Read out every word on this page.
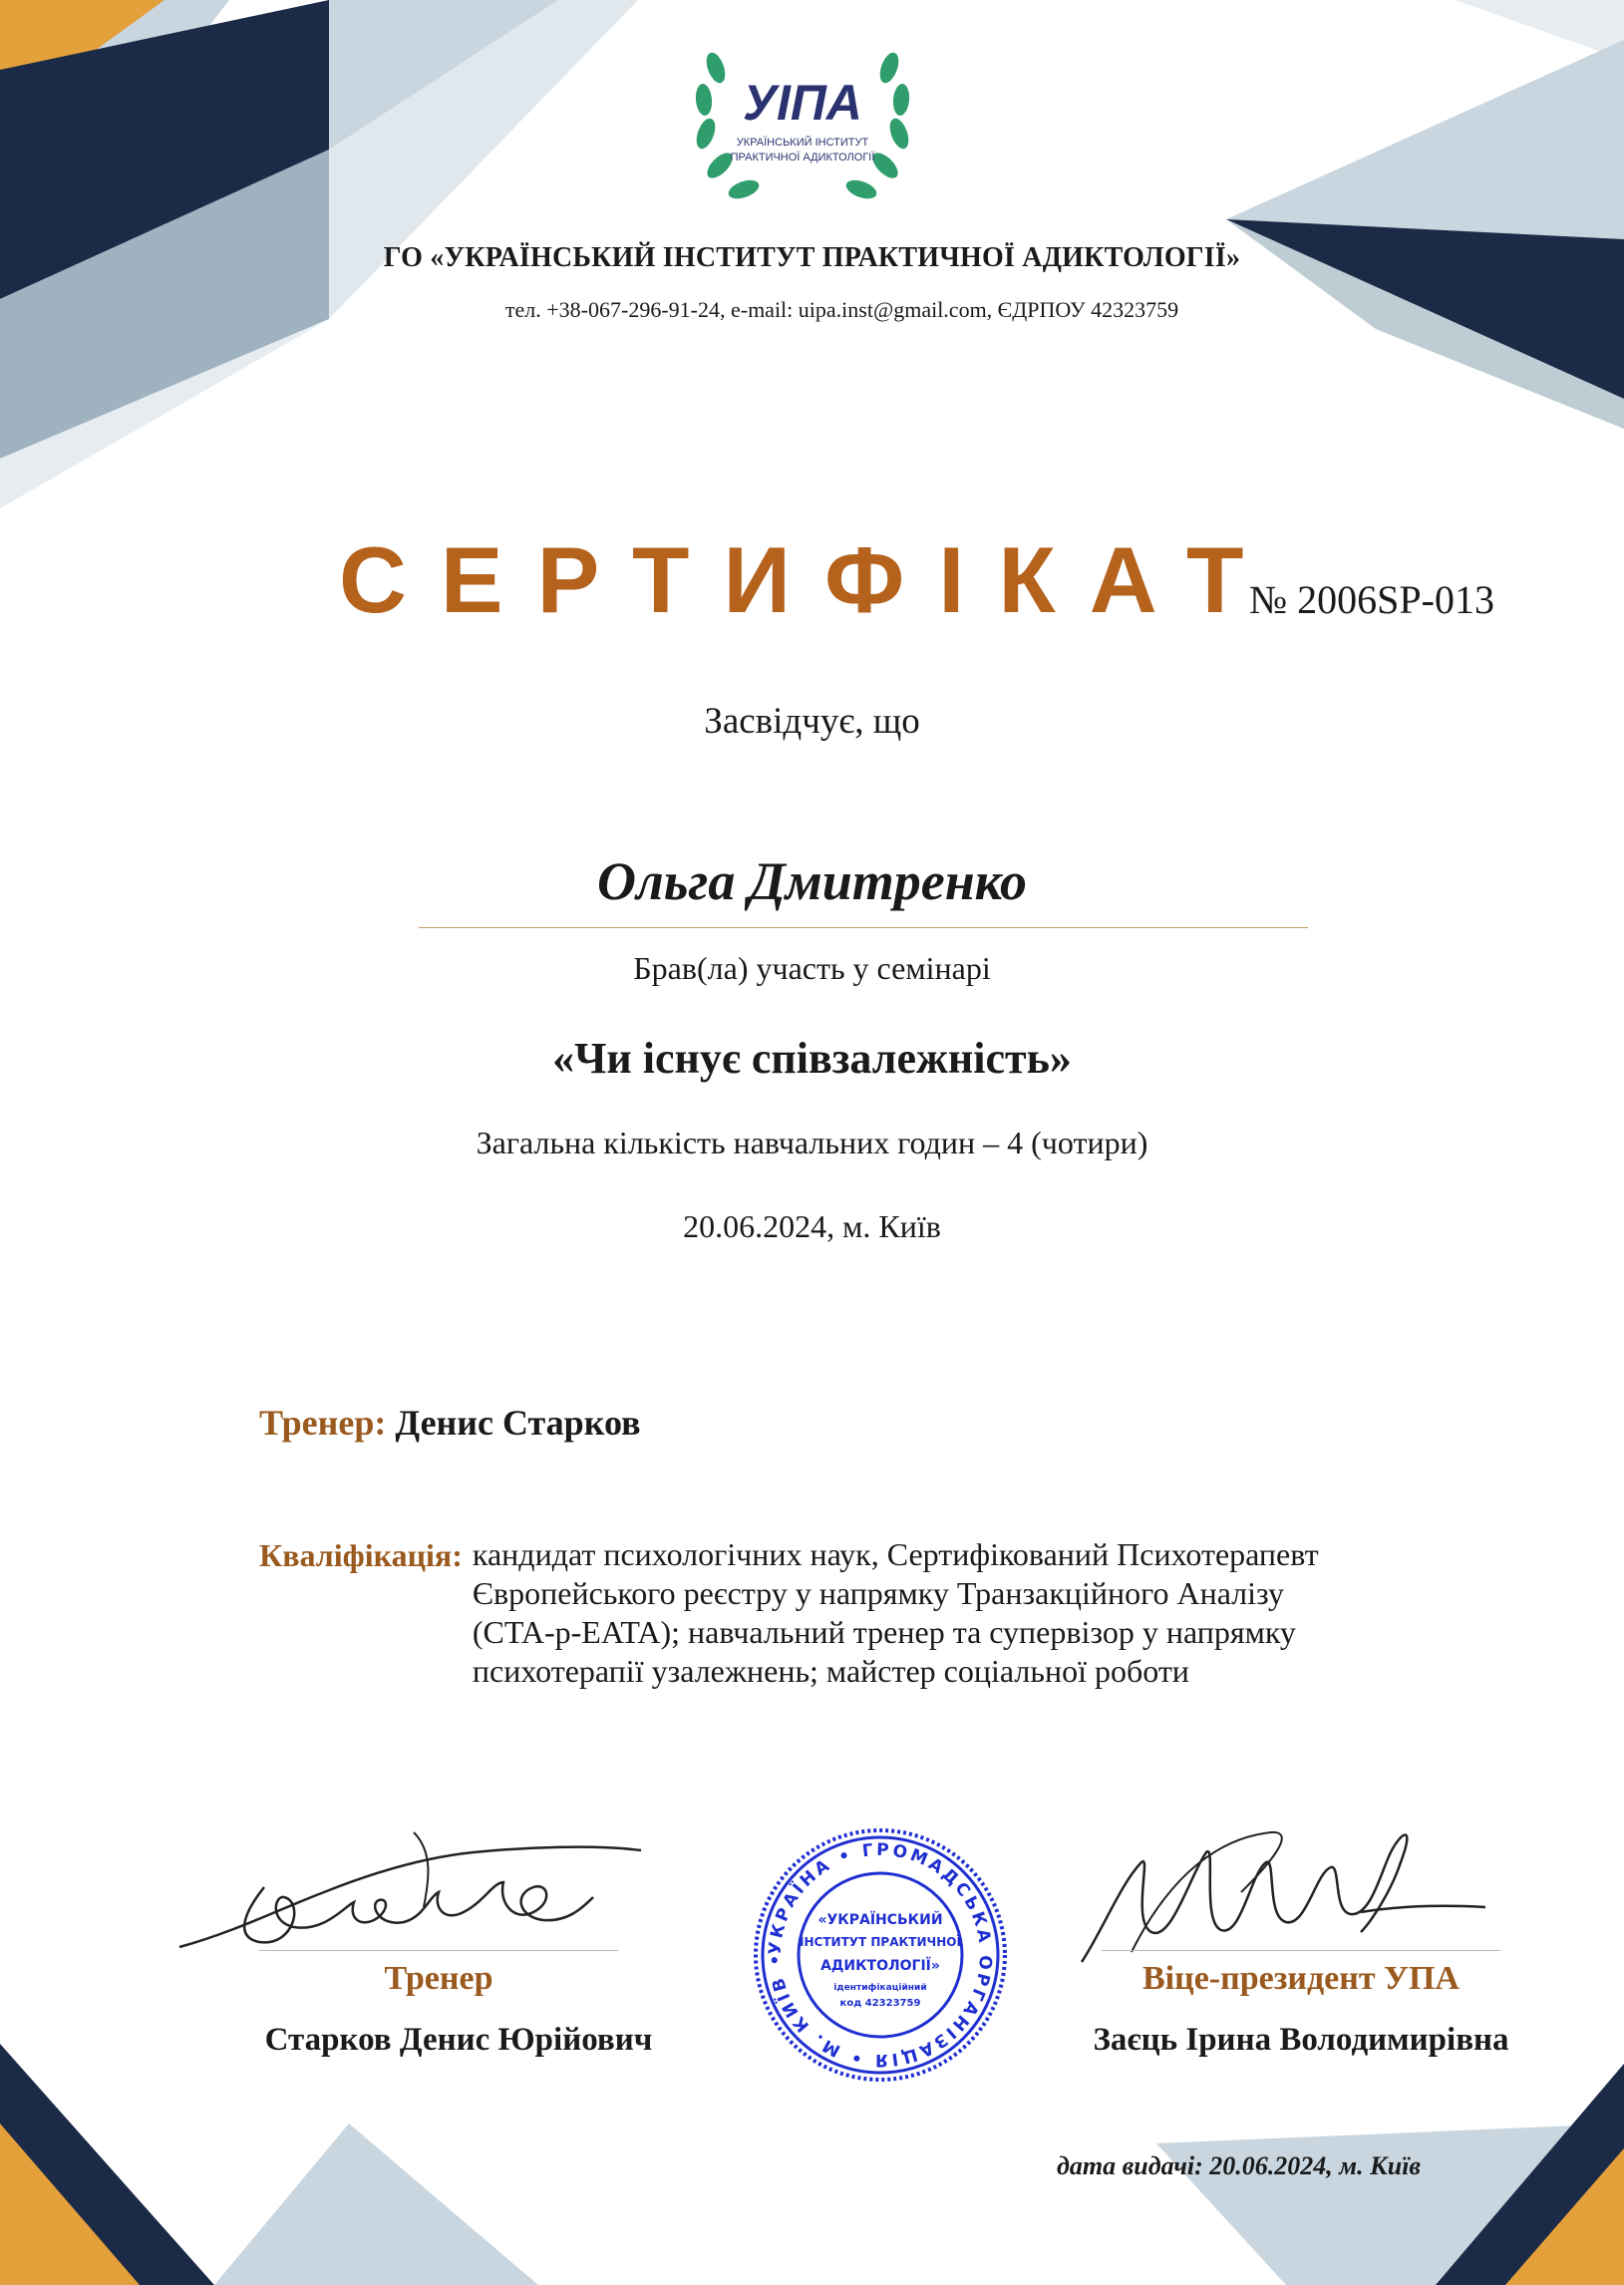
УІПА
УКРАЇНСЬКИЙ ІНСТИТУТ
ПРАКТИЧНОЇ АДИКТОЛОГІЇ
ГО «УКРАЇНСЬКИЙ ІНСТИТУТ ПРАКТИЧНОЇ АДИКТОЛОГІЇ»
тел. +38-067-296-91-24, e-mail: uipa.inst@gmail.com, ЄДРПОУ 42323759
СЕРТИФІКАТ
№ 2006SP-013
Засвідчує, що
Ольга Дмитренко
Брав(ла) участь у семінарі
«Чи існує співзалежність»
Загальна кількість навчальних годин – 4 (чотири)
20.06.2024, м. Київ
Тренер: Денис Старков
Кваліфікація: кандидат психологічних наук, Сертифікований Психотерапевт
Європейського реєстру у напрямку Транзакційного Аналізу
(CTA-p-EATA); навчальний тренер та супервізор у напрямку
психотерапії узалежнень; майстер соціальної роботи
УКРАЇНА • ГРОМАДСЬКА ОРГАНІЗАЦІЯ • М. КИЇВ •
«УКРАЇНСЬКИЙ
ІНСТИТУТ ПРАКТИЧНОЇ
АДИКТОЛОГІЇ»
ідентифікаційний
код 42323759
Тренер	Віце-президент УПА
Старков Денис Юрійович	Заєць Ірина Володимирівна
дата видачі: 20.06.2024, м. Київ
